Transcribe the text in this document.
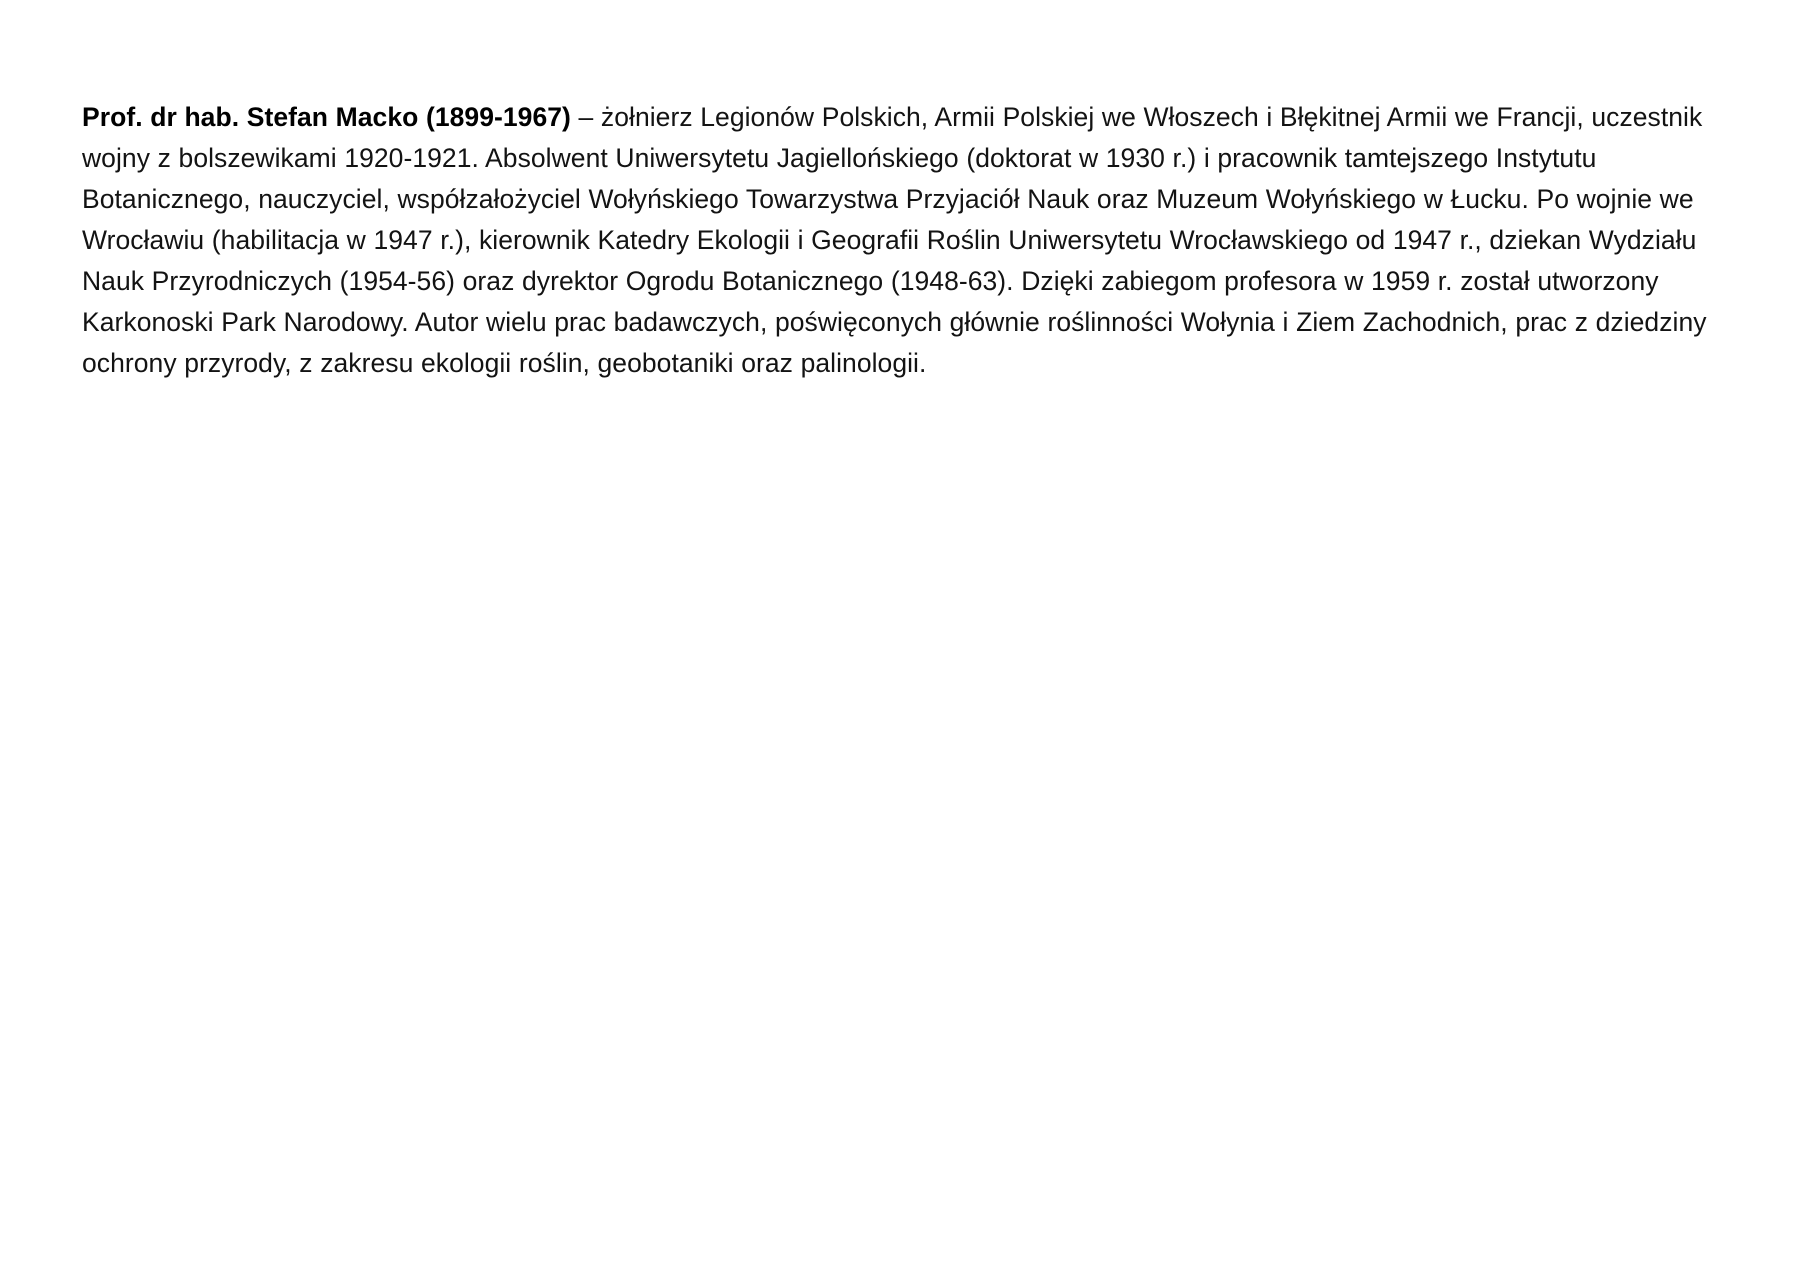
Prof. dr hab. Stefan Macko (1899-1967) – żołnierz Legionów Polskich, Armii Polskiej we Włoszech i Błękitnej Armii we Francji, uczestnik wojny z bolszewikami 1920-1921. Absolwent Uniwersytetu Jagiellońskiego (doktorat w 1930 r.) i pracownik tamtejszego Instytutu Botanicznego, nauczyciel, współzałożyciel Wołyńskiego Towarzystwa Przyjaciół Nauk oraz Muzeum Wołyńskiego w Łucku. Po wojnie we Wrocławiu (habilitacja w 1947 r.), kierownik Katedry Ekologii i Geografii Roślin Uniwersytetu Wrocławskiego od 1947 r., dziekan Wydziału Nauk Przyrodniczych (1954-56) oraz dyrektor Ogrodu Botanicznego (1948-63). Dzięki zabiegom profesora w 1959 r. został utworzony Karkonoski Park Narodowy. Autor wielu prac badawczych, poświęconych głównie roślinności Wołynia i Ziem Zachodnich, prac z dziedziny ochrony przyrody, z zakresu ekologii roślin, geobotaniki oraz palinologii.
